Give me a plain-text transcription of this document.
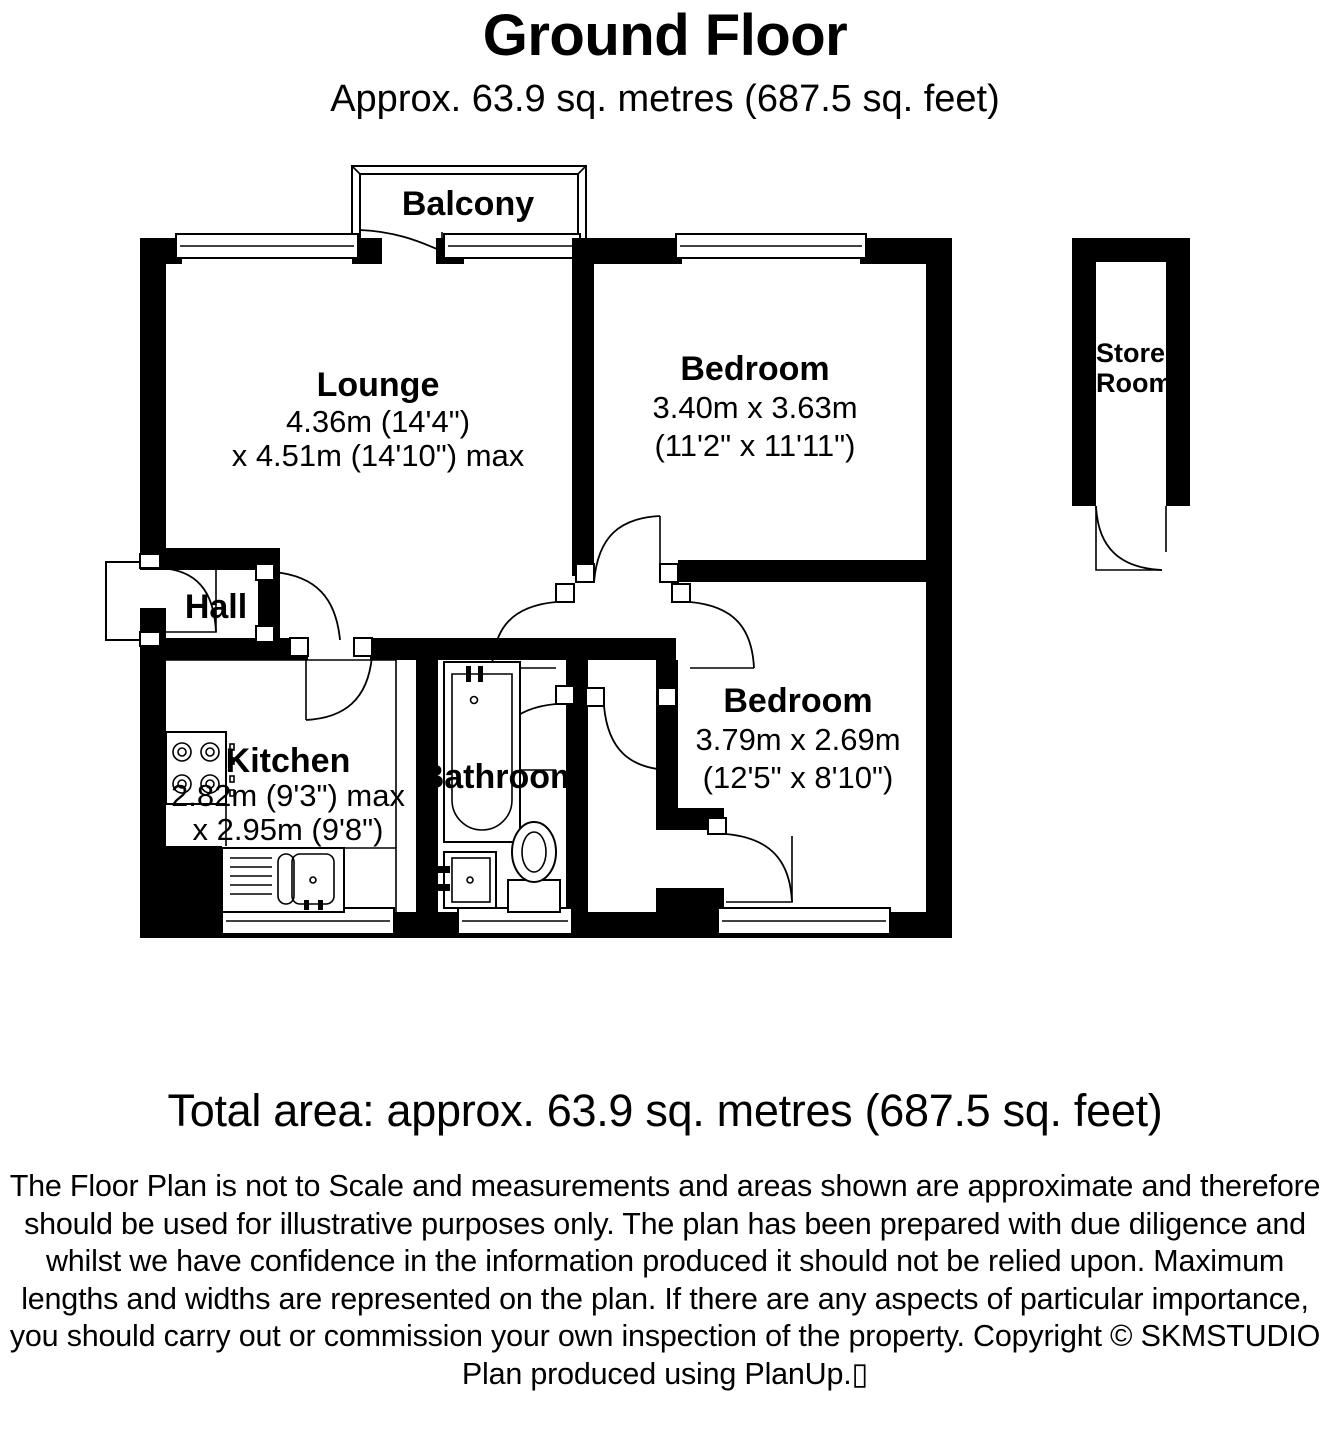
Ground Floor
Approx. 63.9 sq. metres (687.5 sq. feet)
Balcony
Store
Room
Lounge
4.36m (14'4")
x 4.51m (14'10") max
Bedroom
3.40m x 3.63m
(11'2" x 11'11")
Bedroom
3.79m x 2.69m
(12'5" x 8'10")
Hall
Kitchen
2.82m (9'3") max
x 2.95m (9'8")
Bathroom
Total area: approx. 63.9 sq. metres (687.5 sq. feet)
The Floor Plan is not to Scale and measurements and areas shown are approximate and therefore should be used for illustrative purposes only. The plan has been prepared with due diligence and whilst we have confidence in the information produced it should not be relied upon. Maximum lengths and widths are represented on the plan. If there are any aspects of particular importance, you should carry out or commission your own inspection of the property. Copyright © SKMSTUDIO
Plan produced using PlanUp.▯
